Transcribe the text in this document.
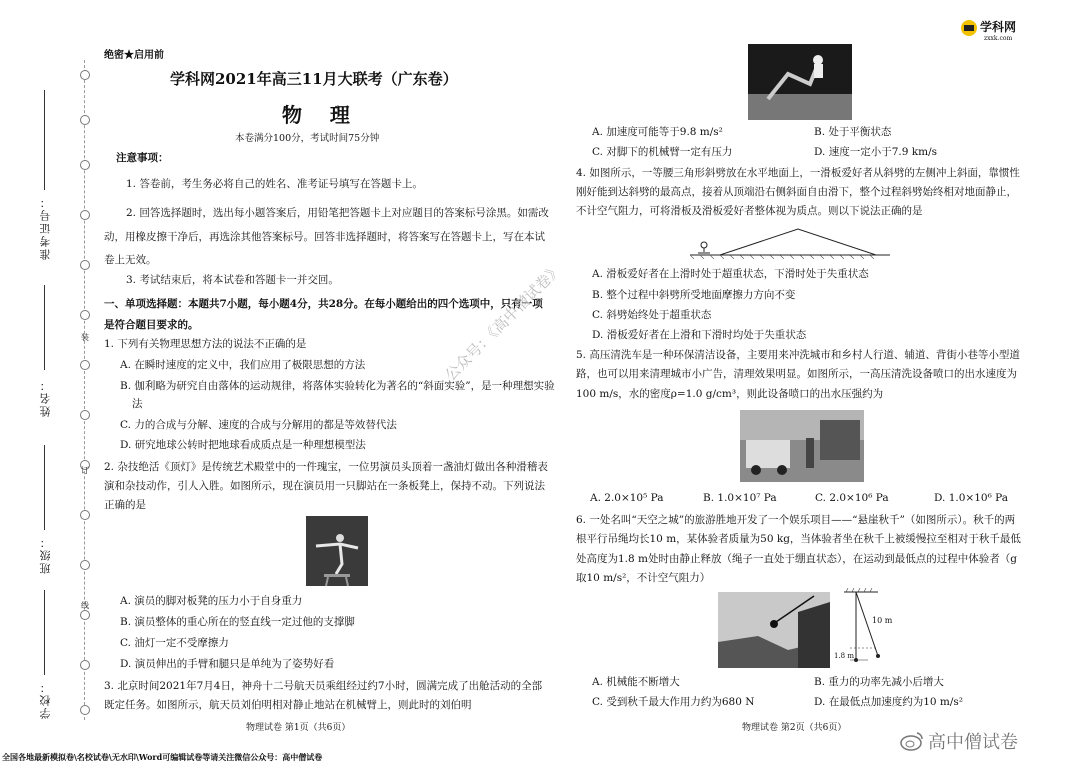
装
订
线
准考证号：
姓名：
班级：
学校：
绝密★启用前
学科网2021年高三11月大联考（广东卷）
物    理
本卷满分100分，考试时间75分钟
注意事项：
1. 答卷前，考生务必将自己的姓名、准考证号填写在答题卡上。
2. 回答选择题时，选出每小题答案后，用铅笔把答题卡上对应题目的答案标号涂黑。如需改动，用橡皮擦干净后，再选涂其他答案标号。回答非选择题时，将答案写在答题卡上，写在本试卷上无效。
3. 考试结束后，将本试卷和答题卡一并交回。
一、单项选择题：本题共7小题，每小题4分，共28分。在每小题给出的四个选项中，只有一项是符合题目要求的。
1. 下列有关物理思想方法的说法不正确的是
A. 在瞬时速度的定义中，我们应用了极限思想的方法
B. 伽利略为研究自由落体的运动规律，将落体实验转化为著名的“斜面实验”，是一种理想实验法
C. 力的合成与分解、速度的合成与分解用的都是等效替代法
D. 研究地球公转时把地球看成质点是一种理想模型法
2. 杂技绝活《顶灯》是传统艺术殿堂中的一件瑰宝，一位男演员头顶着一盏油灯做出各种滑稽表演和杂技动作，引人入胜。如图所示，现在演员用一只脚站在一条板凳上，保持不动。下列说法正确的是
A. 演员的脚对板凳的压力小于自身重力
B. 演员整体的重心所在的竖直线一定过他的支撑脚
C. 油灯一定不受摩擦力
D. 演员伸出的手臂和腿只是单纯为了姿势好看
3. 北京时间2021年7月4日，神舟十二号航天员乘组经过约7小时，圆满完成了出舱活动的全部既定任务。如图所示，航天员刘伯明相对静止地站在机械臂上，则此时的刘伯明
物理试卷 第1页（共6页）
公众号：《高中僧试卷》
学科网
zxxk.com
A. 加速度可能等于9.8 m/s²	B. 处于平衡状态
C. 对脚下的机械臂一定有压力	D. 速度一定小于7.9 km/s
4. 如图所示，一等腰三角形斜劈放在水平地面上，一滑板爱好者从斜劈的左侧冲上斜面，靠惯性刚好能到达斜劈的最高点，接着从顶端沿右侧斜面自由滑下，整个过程斜劈始终相对地面静止，不计空气阻力，可将滑板及滑板爱好者整体视为质点。则以下说法正确的是
A. 滑板爱好者在上滑时处于超重状态，下滑时处于失重状态
B. 整个过程中斜劈所受地面摩擦力方向不变
C. 斜劈始终处于超重状态
D. 滑板爱好者在上滑和下滑时均处于失重状态
5. 高压清洗车是一种环保清洁设备，主要用来冲洗城市和乡村人行道、辅道、背街小巷等小型道路，也可以用来清理城市小广告，清理效果明显。如图所示，一高压清洗设备喷口的出水速度为100 m/s，水的密度ρ=1.0 g/cm³，则此设备喷口的出水压强约为
A. 2.0×10⁵ Pa	B. 1.0×10⁷ Pa	C. 2.0×10⁶ Pa	D. 1.0×10⁶ Pa
6. 一处名叫“天空之城”的旅游胜地开发了一个娱乐项目——“悬崖秋千”（如图所示）。秋千的两根平行吊绳均长10 m，某体验者质量为50 kg，当体验者坐在秋千上被缓慢拉至相对于秋千最低处高度为1.8 m处时由静止释放（绳子一直处于绷直状态），在运动到最低点的过程中体验者（g取10 m/s²，不计空气阻力）
10 m
1.8 m
A. 机械能不断增大	B. 重力的功率先减小后增大
C. 受到秋千最大作用力约为680 N	D. 在最低点加速度约为10 m/s²
物理试卷 第2页（共6页）
高中僧试卷
全国各地最新模拟卷\名校试卷\无水印\Word可编辑试卷等请关注微信公众号：高中僧试卷
